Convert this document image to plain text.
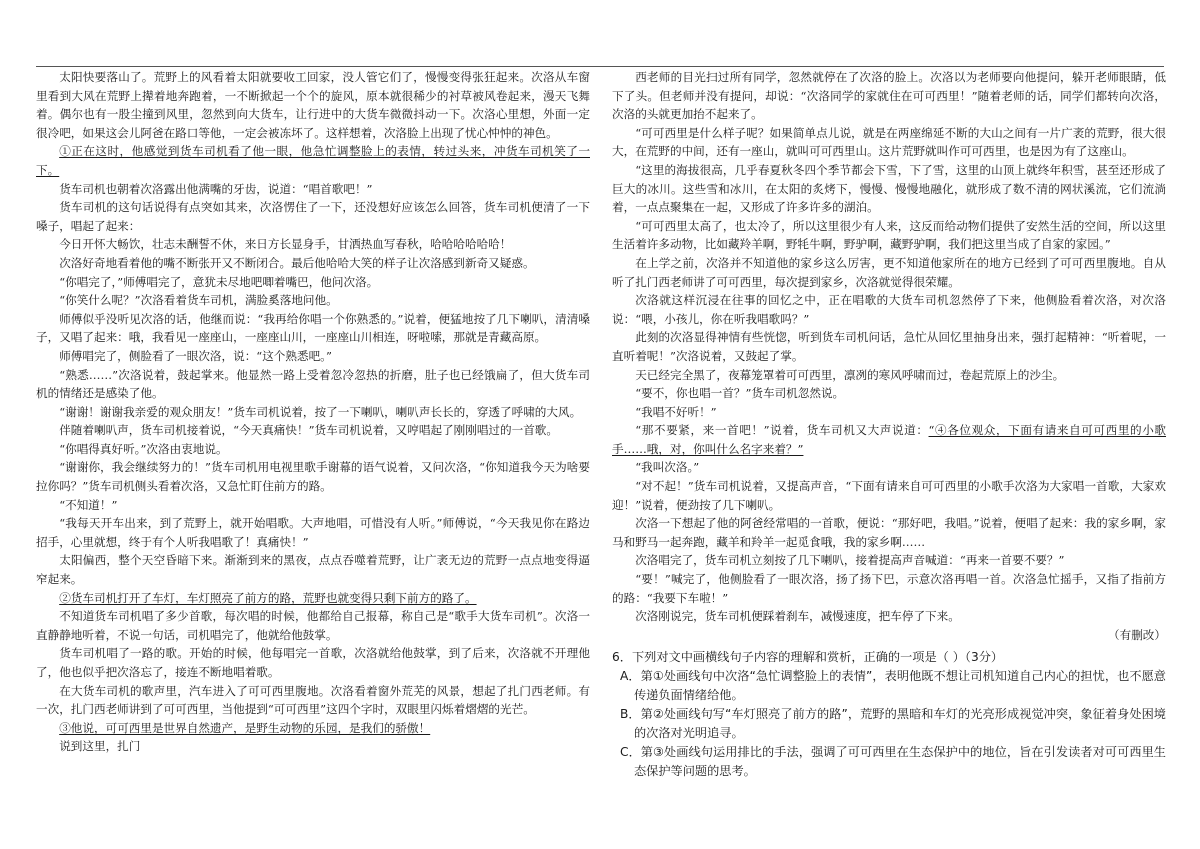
太阳快要落山了。荒野上的风看着太阳就要收工回家，没人管它们了，慢慢变得张狂起来。次洛从车窗里看到大风在荒野上撵着地奔跑着，一不断掀起一个个的旋风，原本就很稀少的衬草被风卷起来，漫天飞舞着。偶尔也有一股尘撞到风里，忽然到向大货车，让行进中的大货车微微抖动一下。次洛心里想，外面一定很冷吧，如果这会儿阿爸在路口等他，一定会被冻坏了。这样想着，次洛脸上出现了忧心忡忡的神色。

①正在这时，他感觉到货车司机看了他一眼，他急忙调整脸上的表情，转过头来，冲货车司机笑了一下。

货车司机也朝着次洛露出他满嘴的牙齿，说道：“唱首歌吧！”

货车司机的这句话说得有点突如其来，次洛愣住了一下，还没想好应该怎么回答，货车司机便清了一下嗓子，唱起了起来：

今日开怀大畅饮，壮志未酬誓不休，来日方长显身手，甘洒热血写春秋，哈哈哈哈哈哈！

次洛好奇地看着他的嘴不断张开又不断闭合。最后他哈哈大笑的样子让次洛感到新奇又疑惑。

“你唱完了，”师傅唱完了，意犹未尽地吧唧着嘴巴，他问次洛。

“你笑什么呢？”次洛看着货车司机，满脸奚落地问他。

师傅似乎没听见次洛的话，他继而说：“我再给你唱一个你熟悉的。”说着，便猛地按了几下喇叭，清清嗓子，又唱了起来：哦，我看见一座座山，一座座山川，一座座山川相连，呀啦嗦，那就是青藏高原。

师傅唱完了，侧脸看了一眼次洛，说：“这个熟悉吧。”

“熟悉……”次洛说着，鼓起掌来。他显然一路上受着忽冷忽热的折磨，肚子也已经饿扁了，但大货车司机的情绪还是感染了他。

“谢谢！谢谢我亲爱的观众朋友！”货车司机说着，按了一下喇叭，喇叭声长长的，穿透了呼啸的大风。

伴随着喇叭声，货车司机接着说，“今天真痛快！”货车司机说着，又哼唱起了刚刚唱过的一首歌。

“你唱得真好听。”次洛由衷地说。

“谢谢你，我会继续努力的！”货车司机用电视里歌手谢幕的语气说着，又问次洛，“你知道我今天为啥要拉你吗？”货车司机侧头看着次洛，又急忙盯住前方的路。

“不知道！”

“我每天开车出来，到了荒野上，就开始唱歌。大声地唱，可惜没有人听。”师傅说，“今天我见你在路边招手，心里就想，终于有个人听我唱歌了！真痛快！”

太阳偏西，整个天空昏暗下来。渐渐到来的黑夜，点点吞噬着荒野，让广袤无边的荒野一点点地变得逼窄起来。

②货车司机打开了车灯，车灯照亮了前方的路，荒野也就变得只剩下前方的路了。

不知道货车司机唱了多少首歌，每次唱的时候，他都给自己报幕，称自己是“歌手大货车司机”。次洛一直静静地听着，不说一句话，司机唱完了，他就给他鼓掌。

货车司机唱了一路的歌。开始的时候，他每唱完一首歌，次洛就给他鼓掌，到了后来，次洛就不开理他了，他也似乎把次洛忘了，接连不断地唱着歌。

在大货车司机的歌声里，汽车进入了可可西里腹地。次洛看着窗外荒芜的风景，想起了扎门西老师。有一次，扎门西老师讲到了可可西里，当他提到“可可西里”这四个字时，双眼里闪烁着熠熠的光芒。

③他说，可可西里是世界自然遗产，是野生动物的乐园，是我们的骄傲！

说到这里，扎门

西老师的目光扫过所有同学，忽然就停在了次洛的脸上。次洛以为老师要向他提问，躲开老师眼睛，低下了头。但老师并没有提问，却说：“次洛同学的家就住在可可西里！”随着老师的话，同学们都转向次洛，次洛的头就更加抬不起来了。

“可可西里是什么样子呢？如果简单点儿说，就是在两座绵延不断的大山之间有一片广袤的荒野，很大很大，在荒野的中间，还有一座山，就叫可可西里山。这片荒野就叫作可可西里，也是因为有了这座山。

“这里的海拔很高，几乎春夏秋冬四个季节都会下雪，下了雪，这里的山顶上就终年积雪，甚至还形成了巨大的冰川。这些雪和冰川，在太阳的炙烤下，慢慢、慢慢地融化，就形成了数不清的网状溪流，它们流淌着，一点点聚集在一起，又形成了许多许多的湖泊。

“可可西里太高了，也太冷了，所以这里很少有人来，这反而给动物们提供了安然生活的空间，所以这里生活着许多动物，比如藏羚羊啊，野牦牛啊，野驴啊，藏野驴啊，我们把这里当成了自家的家园。”

在上学之前，次洛并不知道他的家乡这么厉害，更不知道他家所在的地方已经到了可可西里腹地。自从听了扎门西老师讲了可可西里，每次提到家乡，次洛就觉得很荣耀。

次洛就这样沉浸在往事的回忆之中，正在唱歌的大货车司机忽然停了下来，他侧脸看着次洛，对次洛说：“喂，小孩儿，你在听我唱歌吗？”

此刻的次洛显得神情有些恍惚，听到货车司机问话，急忙从回忆里抽身出来，强打起精神：“听着呢，一直听着呢！”次洛说着，又鼓起了掌。

天已经完全黑了，夜幕笼罩着可可西里，凛冽的寒风呼啸而过，卷起荒原上的沙尘。

“要不，你也唱一首？”货车司机忽然说。

“我唱不好听！”

“那不要紧，来一首吧！”说着，货车司机又大声说道：“④各位观众，下面有请来自可可西里的小歌手……哦，对，你叫什么名字来着？”

“我叫次洛。”

“对不起！”货车司机说着，又提高声音，“下面有请来自可可西里的小歌手次洛为大家唱一首歌，大家欢迎！”说着，便劲按了几下喇叭。

次洛一下想起了他的阿爸经常唱的一首歌，便说：“那好吧，我唱。”说着，便唱了起来：我的家乡啊，家马和野马一起奔跑，藏羊和羚羊一起觅食哦，我的家乡啊……

次洛唱完了，货车司机立刻按了几下喇叭，接着提高声音喊道：“再来一首要不要？”

“要！”喊完了，他侧脸看了一眼次洛，扬了扬下巴，示意次洛再唱一首。次洛急忙摇手，又指了指前方的路：“我要下车啦！”

次洛刚说完，货车司机便踩着刹车，减慢速度，把车停了下来。

（有删改）

6．下列对文中画横线句子内容的理解和赏析，正确的一项是（ ）（3分）

A．第①处画线句中次洛“急忙调整脸上的表情”，表明他既不想让司机知道自己内心的担忧，也不愿意传递负面情绪给他。

B．第②处画线句写“车灯照亮了前方的路”，荒野的黑暗和车灯的光亮形成视觉冲突，象征着身处困境的次洛对光明追寻。

C．第③处画线句运用排比的手法，强调了可可西里在生态保护中的地位，旨在引发读者对可可西里生态保护等问题的思考。
